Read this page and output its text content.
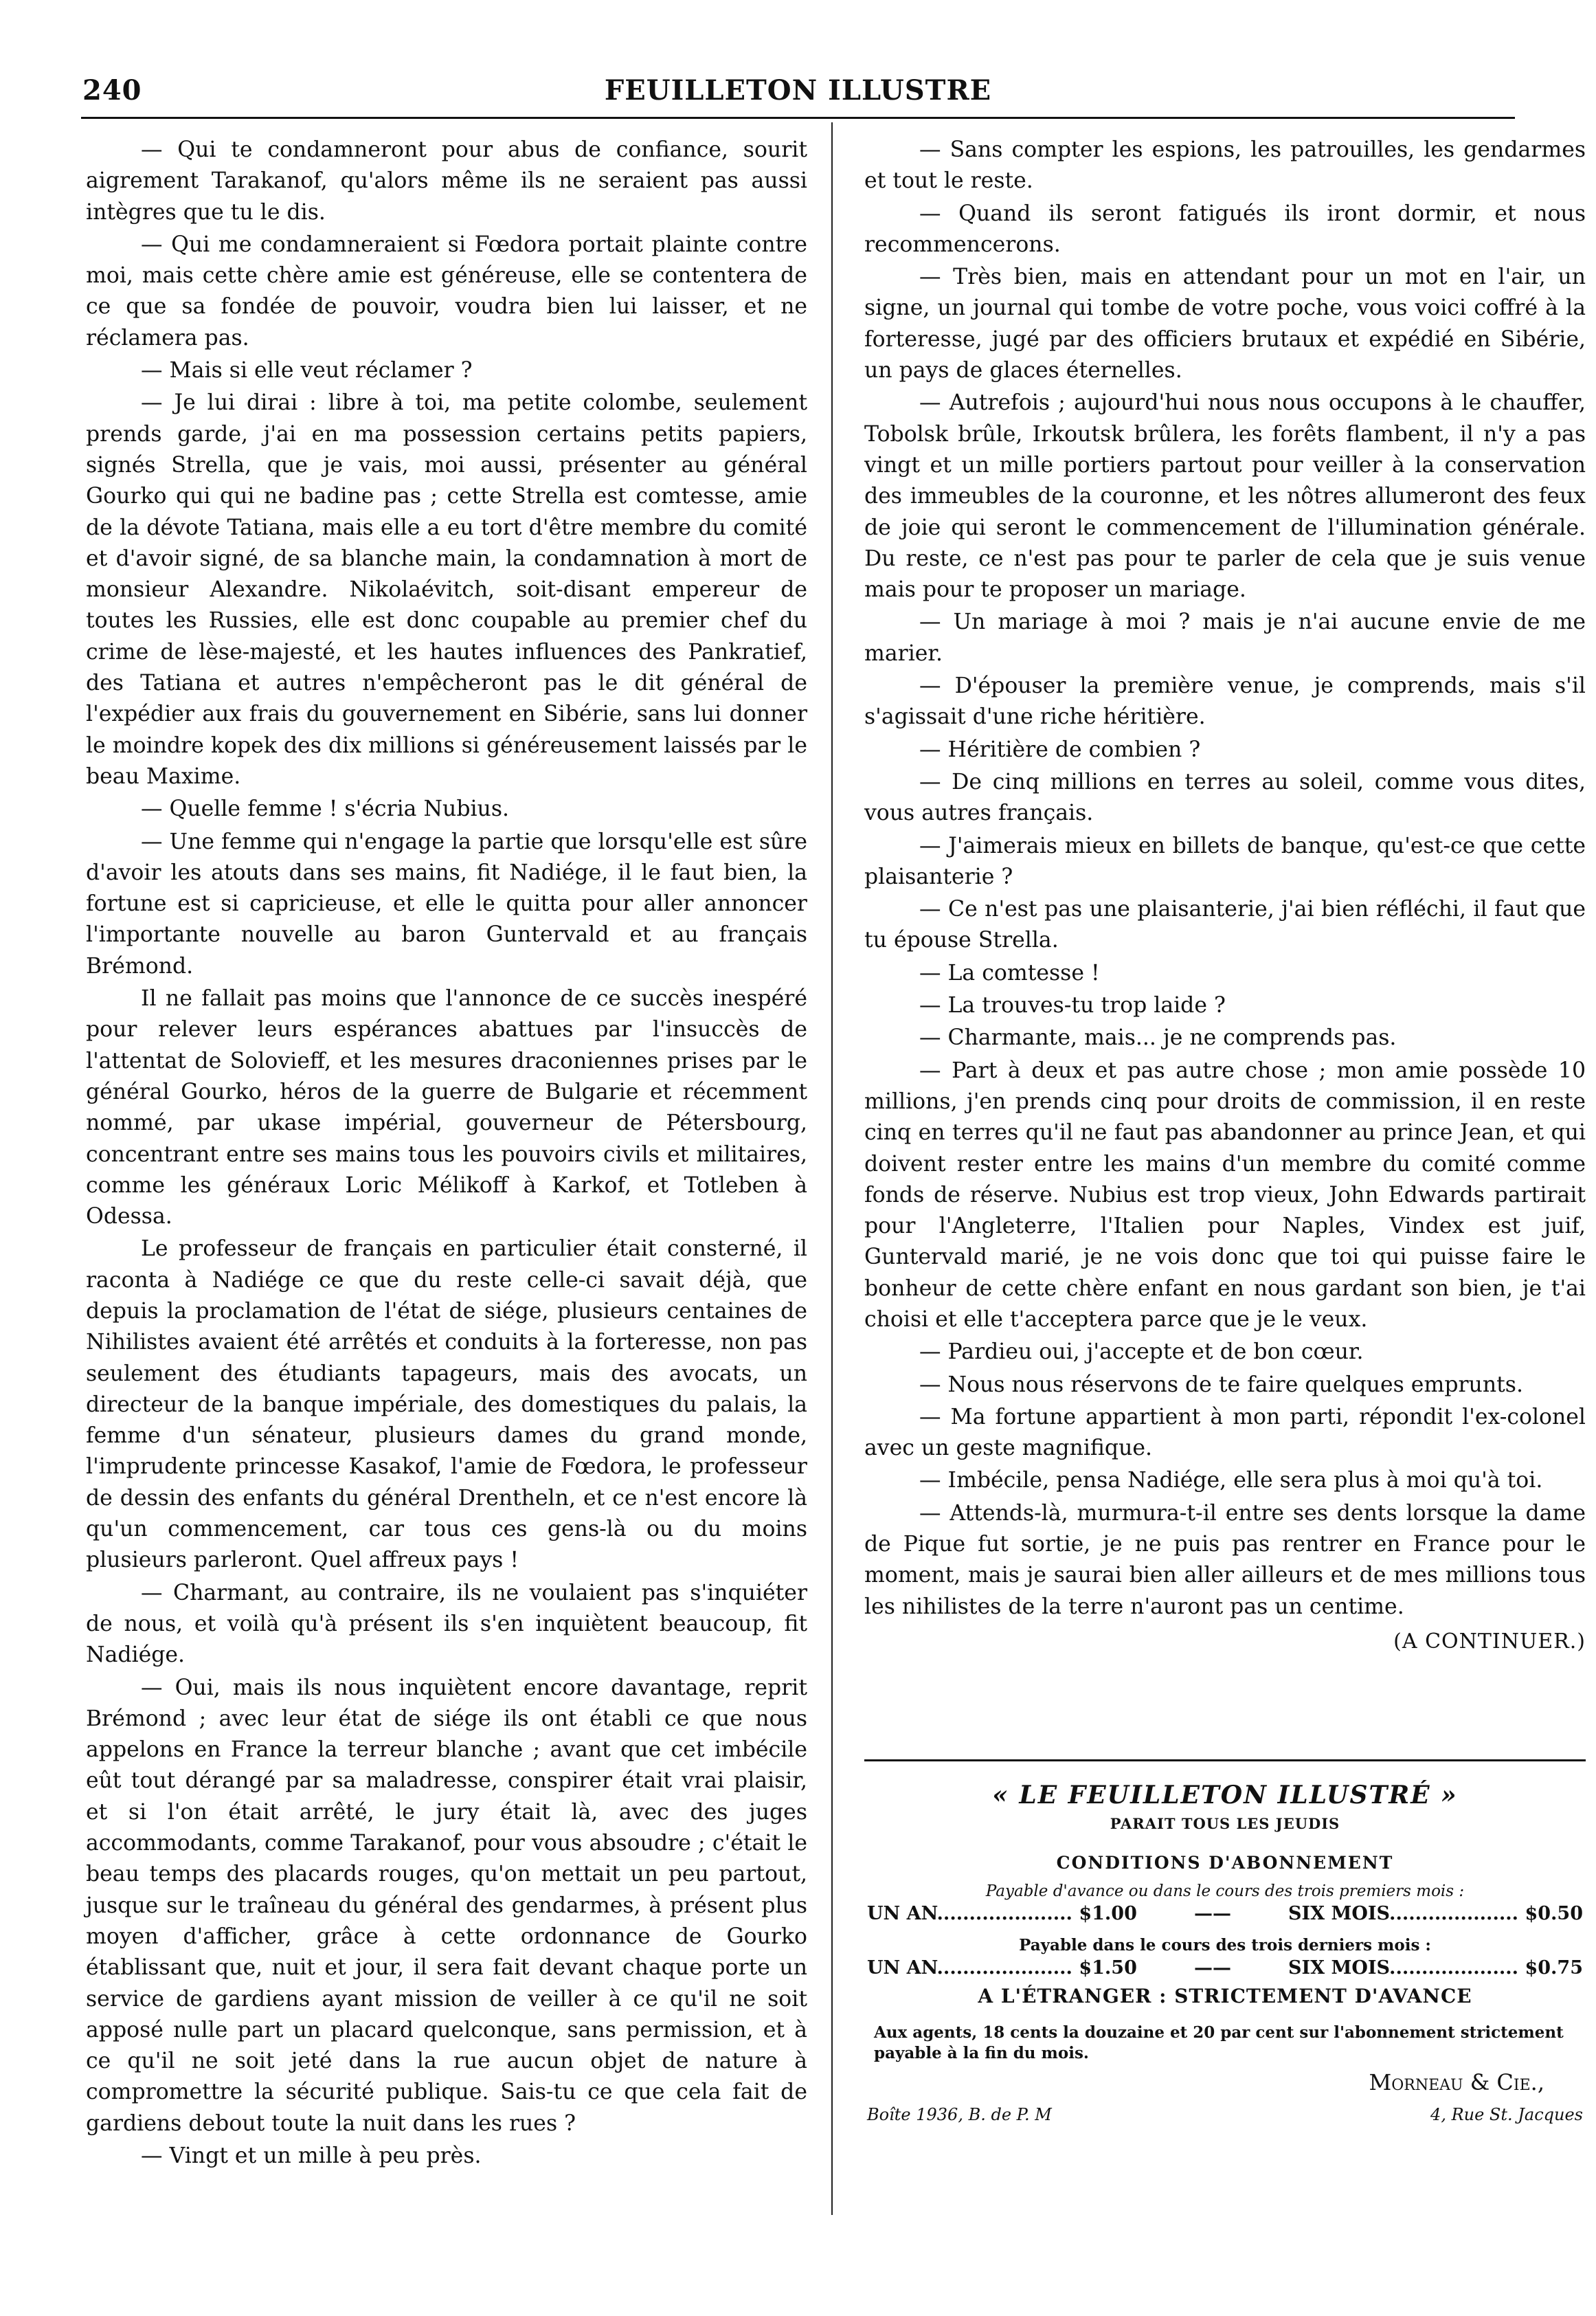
240	FEUILLETON ILLUSTRE

— Qui te condamneront pour abus de confiance, sourit aigrement Tarakanof, qu'alors même ils ne seraient pas aussi intègres que tu le dis.

— Qui me condamneraient si Fœdora portait plainte contre moi, mais cette chère amie est généreuse, elle se contentera de ce que sa fondée de pouvoir, voudra bien lui laisser, et ne réclamera pas.

— Mais si elle veut réclamer ?

— Je lui dirai : libre à toi, ma petite colombe, seulement prends garde, j'ai en ma possession certains petits papiers, signés Strella, que je vais, moi aussi, présenter au général Gourko qui qui ne badine pas ; cette Strella est comtesse, amie de la dévote Tatiana, mais elle a eu tort d'être membre du comité et d'avoir signé, de sa blanche main, la condamnation à mort de monsieur Alexandre. Nikolaévitch, soit-disant empereur de toutes les Russies, elle est donc coupable au premier chef du crime de lèse-majesté, et les hautes influences des Pankratief, des Tatiana et autres n'empêcheront pas le dit général de l'expédier aux frais du gouvernement en Sibérie, sans lui donner le moindre kopek des dix millions si généreusement laissés par le beau Maxime.

— Quelle femme ! s'écria Nubius.

— Une femme qui n'engage la partie que lorsqu'elle est sûre d'avoir les atouts dans ses mains, fit Nadiége, il le faut bien, la fortune est si capricieuse, et elle le quitta pour aller annoncer l'importante nouvelle au baron Guntervald et au français Brémond.

Il ne fallait pas moins que l'annonce de ce succès inespéré pour relever leurs espérances abattues par l'insuccès de l'attentat de Solovieff, et les mesures draconiennes prises par le général Gourko, héros de la guerre de Bulgarie et récemment nommé, par ukase impérial, gouverneur de Pétersbourg, concentrant entre ses mains tous les pouvoirs civils et militaires, comme les généraux Loric Mélikoff à Karkof, et Totleben à Odessa.

Le professeur de français en particulier était consterné, il raconta à Nadiége ce que du reste celle-ci savait déjà, que depuis la proclamation de l'état de siége, plusieurs centaines de Nihilistes avaient été arrêtés et conduits à la forteresse, non pas seulement des étudiants tapageurs, mais des avocats, un directeur de la banque impériale, des domestiques du palais, la femme d'un sénateur, plusieurs dames du grand monde, l'imprudente princesse Kasakof, l'amie de Fœdora, le professeur de dessin des enfants du général Drentheln, et ce n'est encore là qu'un commencement, car tous ces gens-là ou du moins plusieurs parleront. Quel affreux pays !

— Charmant, au contraire, ils ne voulaient pas s'inquiéter de nous, et voilà qu'à présent ils s'en inquiètent beaucoup, fit Nadiége.

— Oui, mais ils nous inquiètent encore davantage, reprit Brémond ; avec leur état de siége ils ont établi ce que nous appelons en France la terreur blanche ; avant que cet imbécile eût tout dérangé par sa maladresse, conspirer était vrai plaisir, et si l'on était arrêté, le jury était là, avec des juges accommodants, comme Tarakanof, pour vous absoudre ; c'était le beau temps des placards rouges, qu'on mettait un peu partout, jusque sur le traîneau du général des gendarmes, à présent plus moyen d'afficher, grâce à cette ordonnance de Gourko établissant que, nuit et jour, il sera fait devant chaque porte un service de gardiens ayant mission de veiller à ce qu'il ne soit apposé nulle part un placard quelconque, sans permission, et à ce qu'il ne soit jeté dans la rue aucun objet de nature à compromettre la sécurité publique. Sais-tu ce que cela fait de gardiens debout toute la nuit dans les rues ?

— Vingt et un mille à peu près.

— Sans compter les espions, les patrouilles, les gendarmes et tout le reste.

— Quand ils seront fatigués ils iront dormir, et nous recommencerons.

— Très bien, mais en attendant pour un mot en l'air, un signe, un journal qui tombe de votre poche, vous voici coffré à la forteresse, jugé par des officiers brutaux et expédié en Sibérie, un pays de glaces éternelles.

— Autrefois ; aujourd'hui nous nous occupons à le chauffer, Tobolsk brûle, Irkoutsk brûlera, les forêts flambent, il n'y a pas vingt et un mille portiers partout pour veiller à la conservation des immeubles de la couronne, et les nôtres allumeront des feux de joie qui seront le commencement de l'illumination générale. Du reste, ce n'est pas pour te parler de cela que je suis venue mais pour te proposer un mariage.

— Un mariage à moi ? mais je n'ai aucune envie de me marier.

— D'épouser la première venue, je comprends, mais s'il s'agissait d'une riche héritière.

— Héritière de combien ?

— De cinq millions en terres au soleil, comme vous dites, vous autres français.

— J'aimerais mieux en billets de banque, qu'est-ce que cette plaisanterie ?

— Ce n'est pas une plaisanterie, j'ai bien réfléchi, il faut que tu épouse Strella.

— La comtesse !

— La trouves-tu trop laide ?

— Charmante, mais... je ne comprends pas.

— Part à deux et pas autre chose ; mon amie possède 10 millions, j'en prends cinq pour droits de commission, il en reste cinq en terres qu'il ne faut pas abandonner au prince Jean, et qui doivent rester entre les mains d'un membre du comité comme fonds de réserve. Nubius est trop vieux, John Edwards partirait pour l'Angleterre, l'Italien pour Naples, Vindex est juif, Guntervald marié, je ne vois donc que toi qui puisse faire le bonheur de cette chère enfant en nous gardant son bien, je t'ai choisi et elle t'acceptera parce que je le veux.

— Pardieu oui, j'accepte et de bon cœur.

— Nous nous réservons de te faire quelques emprunts.

— Ma fortune appartient à mon parti, répondit l'ex-colonel avec un geste magnifique.

— Imbécile, pensa Nadiége, elle sera plus à moi qu'à toi.

— Attends-là, murmura-t-il entre ses dents lorsque la dame de Pique fut sortie, je ne puis pas rentrer en France pour le moment, mais je saurai bien aller ailleurs et de mes millions tous les nihilistes de la terre n'auront pas un centime.

(A CONTINUER.)

« LE FEUILLETON ILLUSTRÉ »
PARAIT TOUS LES JEUDIS
CONDITIONS D'ABONNEMENT
Payable d'avance ou dans le cours des trois premiers mois :
UN AN..................... $1.00	——	SIX MOIS.................... $0.50
Payable dans le cours des trois derniers mois :
UN AN..................... $1.50	——	SIX MOIS.................... $0.75
A L'ÉTRANGER : STRICTEMENT D'AVANCE

Aux agents, 18 cents la douzaine et 20 par cent sur l'abonnement strictement payable à la fin du mois.

Morneau & Cie.,
Boîte 1936, B. de P. M	4, Rue St. Jacques
